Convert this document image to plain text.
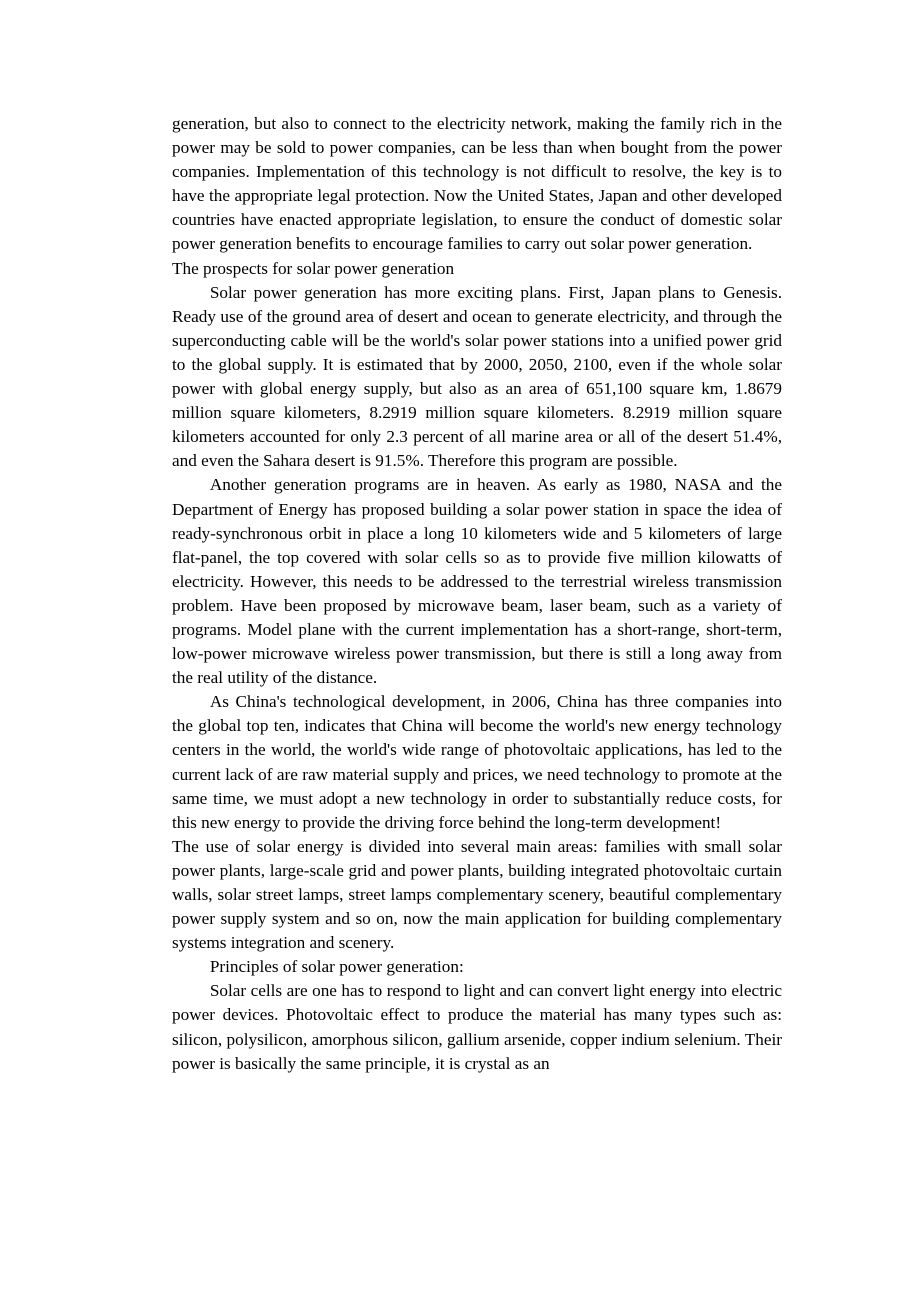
generation, but also to connect to the electricity network, making the family rich in the power may be sold to power companies, can be less than when bought from the power companies. Implementation of this technology is not difficult to resolve, the key is to have the appropriate legal protection. Now the United States, Japan and other developed countries have enacted appropriate legislation, to ensure the conduct of domestic solar power generation benefits to encourage families to carry out solar power generation.

The prospects for solar power generation

Solar power generation has more exciting plans. First, Japan plans to Genesis. Ready use of the ground area of desert and ocean to generate electricity, and through the superconducting cable will be the world's solar power stations into a unified power grid to the global supply. It is estimated that by 2000, 2050, 2100, even if the whole solar power with global energy supply, but also as an area of 651,100 square km, 1.8679 million square kilometers, 8.2919 million square kilometers. 8.2919 million square kilometers accounted for only 2.3 percent of all marine area or all of the desert 51.4%, and even the Sahara desert is 91.5%. Therefore this program are possible.

Another generation programs are in heaven. As early as 1980, NASA and the Department of Energy has proposed building a solar power station in space the idea of ready-synchronous orbit in place a long 10 kilometers wide and 5 kilometers of large flat-panel, the top covered with solar cells so as to provide five million kilowatts of electricity. However, this needs to be addressed to the terrestrial wireless transmission problem. Have been proposed by microwave beam, laser beam, such as a variety of programs. Model plane with the current implementation has a short-range, short-term, low-power microwave wireless power transmission, but there is still a long away from the real utility of the distance.

As China's technological development, in 2006, China has three companies into the global top ten, indicates that China will become the world's new energy technology centers in the world, the world's wide range of photovoltaic applications, has led to the current lack of are raw material supply and prices, we need technology to promote at the same time, we must adopt a new technology in order to substantially reduce costs, for this new energy to provide the driving force behind the long-term development!

The use of solar energy is divided into several main areas: families with small solar power plants, large-scale grid and power plants, building integrated photovoltaic curtain walls, solar street lamps, street lamps complementary scenery, beautiful complementary power supply system and so on, now the main application for building complementary systems integration and scenery.

Principles of solar power generation:

Solar cells are one has to respond to light and can convert light energy into electric power devices. Photovoltaic effect to produce the material has many types such as: silicon, polysilicon, amorphous silicon, gallium arsenide, copper indium selenium. Their power is basically the same principle, it is crystal as an
